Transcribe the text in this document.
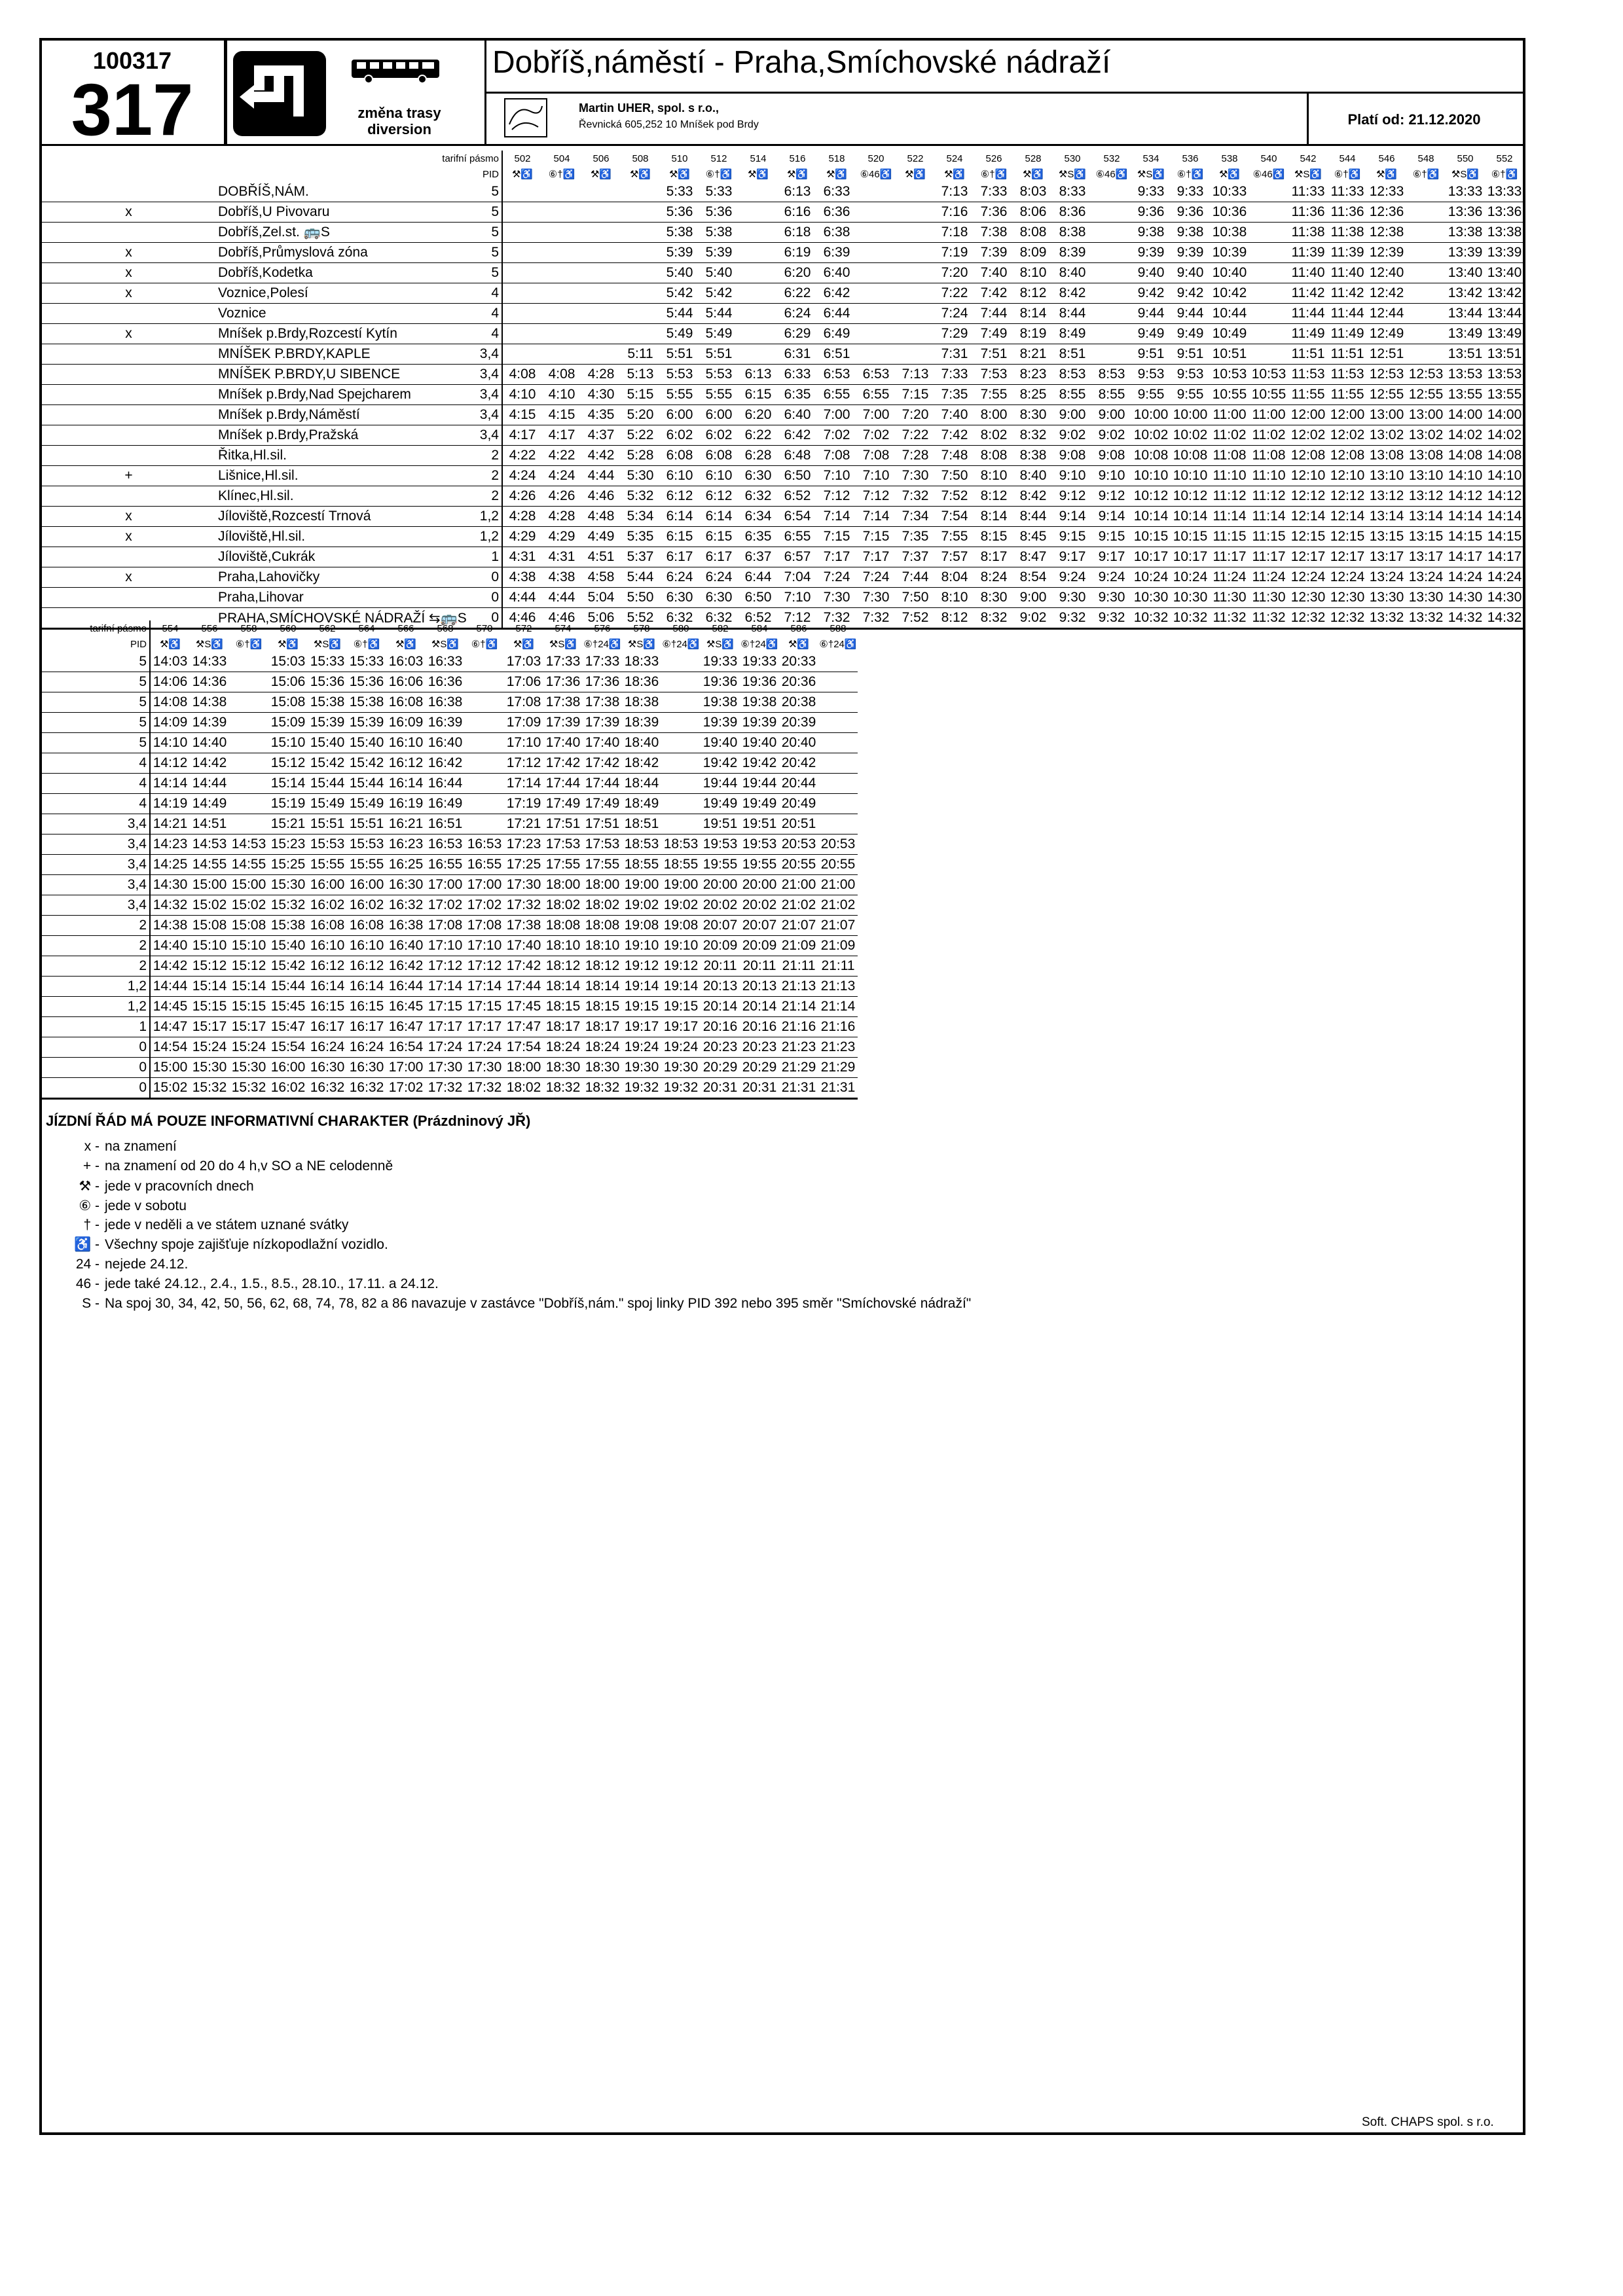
100317
317	změna trasy
diversion
Dobříš,náměstí - Praha,Smíchovské nádraží
Martin UHER, spol. s r.o.,
Řevnická 605,252 10 Mníšek pod Brdy	Platí od: 21.12.2020
		tarifní pásmo	502	504	506	508	510	512	514	516	518	520	522	524	526	528	530	532	534	536	538	540	542	544	546	548	550	552
		PID	⚒♿	⑥†♿	⚒♿	⚒♿	⚒♿	⑥†♿	⚒♿	⚒♿	⚒♿	⑥46♿	⚒♿	⚒♿	⑥†♿	⚒♿	⚒S♿	⑥46♿	⚒S♿	⑥†♿	⚒♿	⑥46♿	⚒S♿	⑥†♿	⚒♿	⑥†♿	⚒S♿	⑥†♿
	DOBŘÍŠ,NÁM.	5					5:33	5:33		6:13	6:33			7:13	7:33	8:03	8:33		9:33	9:33	10:33		11:33	11:33	12:33		13:33	13:33
x	Dobříš,U Pivovaru	5					5:36	5:36		6:16	6:36			7:16	7:36	8:06	8:36		9:36	9:36	10:36		11:36	11:36	12:36		13:36	13:36
	Dobříš,Zel.st. 🚌S	5					5:38	5:38		6:18	6:38			7:18	7:38	8:08	8:38		9:38	9:38	10:38		11:38	11:38	12:38		13:38	13:38
x	Dobříš,Průmyslová zóna	5					5:39	5:39		6:19	6:39			7:19	7:39	8:09	8:39		9:39	9:39	10:39		11:39	11:39	12:39		13:39	13:39
x	Dobříš,Kodetka	5					5:40	5:40		6:20	6:40			7:20	7:40	8:10	8:40		9:40	9:40	10:40		11:40	11:40	12:40		13:40	13:40
x	Voznice,Polesí	4					5:42	5:42		6:22	6:42			7:22	7:42	8:12	8:42		9:42	9:42	10:42		11:42	11:42	12:42		13:42	13:42
	Voznice	4					5:44	5:44		6:24	6:44			7:24	7:44	8:14	8:44		9:44	9:44	10:44		11:44	11:44	12:44		13:44	13:44
x	Mníšek p.Brdy,Rozcestí Kytín	4					5:49	5:49		6:29	6:49			7:29	7:49	8:19	8:49		9:49	9:49	10:49		11:49	11:49	12:49		13:49	13:49
	MNÍŠEK P.BRDY,KAPLE	3,4				5:11	5:51	5:51		6:31	6:51			7:31	7:51	8:21	8:51		9:51	9:51	10:51		11:51	11:51	12:51		13:51	13:51
	MNÍŠEK P.BRDY,U SIBENCE	3,4	4:08	4:08	4:28	5:13	5:53	5:53	6:13	6:33	6:53	6:53	7:13	7:33	7:53	8:23	8:53	8:53	9:53	9:53	10:53	10:53	11:53	11:53	12:53	12:53	13:53	13:53
	Mníšek p.Brdy,Nad Spejcharem	3,4	4:10	4:10	4:30	5:15	5:55	5:55	6:15	6:35	6:55	6:55	7:15	7:35	7:55	8:25	8:55	8:55	9:55	9:55	10:55	10:55	11:55	11:55	12:55	12:55	13:55	13:55
	Mníšek p.Brdy,Náměstí	3,4	4:15	4:15	4:35	5:20	6:00	6:00	6:20	6:40	7:00	7:00	7:20	7:40	8:00	8:30	9:00	9:00	10:00	10:00	11:00	11:00	12:00	12:00	13:00	13:00	14:00	14:00
	Mníšek p.Brdy,Pražská	3,4	4:17	4:17	4:37	5:22	6:02	6:02	6:22	6:42	7:02	7:02	7:22	7:42	8:02	8:32	9:02	9:02	10:02	10:02	11:02	11:02	12:02	12:02	13:02	13:02	14:02	14:02
	Řitka,Hl.sil.	2	4:22	4:22	4:42	5:28	6:08	6:08	6:28	6:48	7:08	7:08	7:28	7:48	8:08	8:38	9:08	9:08	10:08	10:08	11:08	11:08	12:08	12:08	13:08	13:08	14:08	14:08
+	Lišnice,Hl.sil.	2	4:24	4:24	4:44	5:30	6:10	6:10	6:30	6:50	7:10	7:10	7:30	7:50	8:10	8:40	9:10	9:10	10:10	10:10	11:10	11:10	12:10	12:10	13:10	13:10	14:10	14:10
	Klínec,Hl.sil.	2	4:26	4:26	4:46	5:32	6:12	6:12	6:32	6:52	7:12	7:12	7:32	7:52	8:12	8:42	9:12	9:12	10:12	10:12	11:12	11:12	12:12	12:12	13:12	13:12	14:12	14:12
x	Jíloviště,Rozcestí Trnová	1,2	4:28	4:28	4:48	5:34	6:14	6:14	6:34	6:54	7:14	7:14	7:34	7:54	8:14	8:44	9:14	9:14	10:14	10:14	11:14	11:14	12:14	12:14	13:14	13:14	14:14	14:14
x	Jíloviště,Hl.sil.	1,2	4:29	4:29	4:49	5:35	6:15	6:15	6:35	6:55	7:15	7:15	7:35	7:55	8:15	8:45	9:15	9:15	10:15	10:15	11:15	11:15	12:15	12:15	13:15	13:15	14:15	14:15
	Jíloviště,Cukrák	1	4:31	4:31	4:51	5:37	6:17	6:17	6:37	6:57	7:17	7:17	7:37	7:57	8:17	8:47	9:17	9:17	10:17	10:17	11:17	11:17	12:17	12:17	13:17	13:17	14:17	14:17
x	Praha,Lahovičky	0	4:38	4:38	4:58	5:44	6:24	6:24	6:44	7:04	7:24	7:24	7:44	8:04	8:24	8:54	9:24	9:24	10:24	10:24	11:24	11:24	12:24	12:24	13:24	13:24	14:24	14:24
	Praha,Lihovar	0	4:44	4:44	5:04	5:50	6:30	6:30	6:50	7:10	7:30	7:30	7:50	8:10	8:30	9:00	9:30	9:30	10:30	10:30	11:30	11:30	12:30	12:30	13:30	13:30	14:30	14:30
	PRAHA,SMÍCHOVSKÉ NÁDRAŽÍ ⇆🚌S	0	4:46	4:46	5:06	5:52	6:32	6:32	6:52	7:12	7:32	7:32	7:52	8:12	8:32	9:02	9:32	9:32	10:32	10:32	11:32	11:32	12:32	12:32	13:32	13:32	14:32	14:32
	tarifní pásmo	554	556	558	560	562	564	566	568	570	572	574	576	578	580	582	584	586	588
	PID	⚒♿	⚒S♿	⑥†♿	⚒♿	⚒S♿	⑥†♿	⚒♿	⚒S♿	⑥†♿	⚒♿	⚒S♿	⑥†24♿	⚒S♿	⑥†24♿	⚒S♿	⑥†24♿	⚒♿	⑥†24♿
		5	14:03	14:33		15:03	15:33	15:33	16:03	16:33		17:03	17:33	17:33	18:33		19:33	19:33	20:33	
		5	14:06	14:36		15:06	15:36	15:36	16:06	16:36		17:06	17:36	17:36	18:36		19:36	19:36	20:36	
		5	14:08	14:38		15:08	15:38	15:38	16:08	16:38		17:08	17:38	17:38	18:38		19:38	19:38	20:38	
		5	14:09	14:39		15:09	15:39	15:39	16:09	16:39		17:09	17:39	17:39	18:39		19:39	19:39	20:39	
		5	14:10	14:40		15:10	15:40	15:40	16:10	16:40		17:10	17:40	17:40	18:40		19:40	19:40	20:40	
		4	14:12	14:42		15:12	15:42	15:42	16:12	16:42		17:12	17:42	17:42	18:42		19:42	19:42	20:42	
		4	14:14	14:44		15:14	15:44	15:44	16:14	16:44		17:14	17:44	17:44	18:44		19:44	19:44	20:44	
		4	14:19	14:49		15:19	15:49	15:49	16:19	16:49		17:19	17:49	17:49	18:49		19:49	19:49	20:49	
		3,4	14:21	14:51		15:21	15:51	15:51	16:21	16:51		17:21	17:51	17:51	18:51		19:51	19:51	20:51	
		3,4	14:23	14:53	14:53	15:23	15:53	15:53	16:23	16:53	16:53	17:23	17:53	17:53	18:53	18:53	19:53	19:53	20:53	20:53
		3,4	14:25	14:55	14:55	15:25	15:55	15:55	16:25	16:55	16:55	17:25	17:55	17:55	18:55	18:55	19:55	19:55	20:55	20:55
		3,4	14:30	15:00	15:00	15:30	16:00	16:00	16:30	17:00	17:00	17:30	18:00	18:00	19:00	19:00	20:00	20:00	21:00	21:00
		3,4	14:32	15:02	15:02	15:32	16:02	16:02	16:32	17:02	17:02	17:32	18:02	18:02	19:02	19:02	20:02	20:02	21:02	21:02
		2	14:38	15:08	15:08	15:38	16:08	16:08	16:38	17:08	17:08	17:38	18:08	18:08	19:08	19:08	20:07	20:07	21:07	21:07
		2	14:40	15:10	15:10	15:40	16:10	16:10	16:40	17:10	17:10	17:40	18:10	18:10	19:10	19:10	20:09	20:09	21:09	21:09
		2	14:42	15:12	15:12	15:42	16:12	16:12	16:42	17:12	17:12	17:42	18:12	18:12	19:12	19:12	20:11	20:11	21:11	21:11
		1,2	14:44	15:14	15:14	15:44	16:14	16:14	16:44	17:14	17:14	17:44	18:14	18:14	19:14	19:14	20:13	20:13	21:13	21:13
		1,2	14:45	15:15	15:15	15:45	16:15	16:15	16:45	17:15	17:15	17:45	18:15	18:15	19:15	19:15	20:14	20:14	21:14	21:14
		1	14:47	15:17	15:17	15:47	16:17	16:17	16:47	17:17	17:17	17:47	18:17	18:17	19:17	19:17	20:16	20:16	21:16	21:16
		0	14:54	15:24	15:24	15:54	16:24	16:24	16:54	17:24	17:24	17:54	18:24	18:24	19:24	19:24	20:23	20:23	21:23	21:23
		0	15:00	15:30	15:30	16:00	16:30	16:30	17:00	17:30	17:30	18:00	18:30	18:30	19:30	19:30	20:29	20:29	21:29	21:29
		0	15:02	15:32	15:32	16:02	16:32	16:32	17:02	17:32	17:32	18:02	18:32	18:32	19:32	19:32	20:31	20:31	21:31	21:31
JÍZDNÍ ŘÁD MÁ POUZE INFORMATIVNÍ CHARAKTER (Prázdninový JŘ)
x - na znamení
+ - na znamení od 20 do 4 h,v SO a NE celodenně
⚒ - jede v pracovních dnech
⑥ - jede v sobotu
† - jede v neděli a ve státem uznané svátky
♿ - Všechny spoje zajišťuje nízkopodlažní vozidlo.
24 - nejede 24.12.
46 - jede také 24.12., 2.4., 1.5., 8.5., 28.10., 17.11. a 24.12.
S - Na spoj 30, 34, 42, 50, 56, 62, 68, 74, 78, 82 a 86 navazuje v zastávce "Dobříš,nám." spoj linky PID 392 nebo 395 směr "Smíchovské nádraží"
Soft. CHAPS spol. s r.o.
